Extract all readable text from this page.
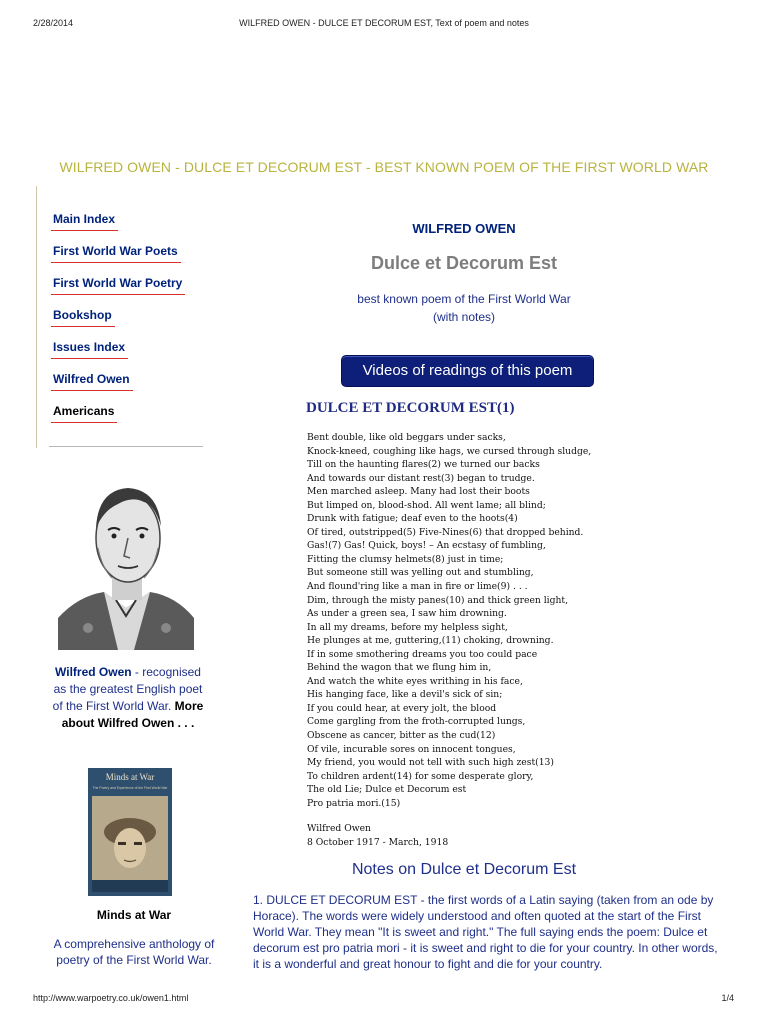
2/28/2014	WILFRED OWEN - DULCE ET DECORUM EST, Text of poem and notes
WILFRED OWEN - DULCE ET DECORUM EST - BEST KNOWN POEM OF THE FIRST WORLD WAR
Main Index
First World War Poets
First World War Poetry
Bookshop
Issues Index
Wilfred Owen
Americans
Wilfred Owen - recognised as the greatest English poet of the First World War. More about Wilfred Owen . . .
Minds at War
The Poetry and Experience of the First World War
Minds at War
A comprehensive anthology of poetry of the First World War.
WILFRED OWEN
Dulce et Decorum Est
best known poem of the First World War
(with notes)
Videos of readings of this poem
DULCE ET DECORUM EST(1)
Bent double, like old beggars under sacks,
Knock-kneed, coughing like hags, we cursed through sludge,
Till on the haunting flares(2) we turned our backs
And towards our distant rest(3) began to trudge.
Men marched asleep. Many had lost their boots
But limped on, blood-shod. All went lame; all blind;
Drunk with fatigue; deaf even to the hoots(4)
Of tired, outstripped(5) Five-Nines(6) that dropped behind.
Gas!(7) Gas! Quick, boys! – An ecstasy of fumbling,
Fitting the clumsy helmets(8) just in time;
But someone still was yelling out and stumbling,
And flound'ring like a man in fire or lime(9) . . .
Dim, through the misty panes(10) and thick green light,
As under a green sea, I saw him drowning.
In all my dreams, before my helpless sight,
He plunges at me, guttering,(11) choking, drowning.
If in some smothering dreams you too could pace
Behind the wagon that we flung him in,
And watch the white eyes writhing in his face,
His hanging face, like a devil's sick of sin;
If you could hear, at every jolt, the blood
Come gargling from the froth-corrupted lungs,
Obscene as cancer, bitter as the cud(12)
Of vile, incurable sores on innocent tongues,
My friend, you would not tell with such high zest(13)
To children ardent(14) for some desperate glory,
The old Lie; Dulce et Decorum est
Pro patria mori.(15)
Wilfred Owen
8 October 1917 - March, 1918
Notes on Dulce et Decorum Est
1. DULCE ET DECORUM EST - the first words of a Latin saying (taken from an ode by Horace). The words were widely understood and often quoted at the start of the First World War. They mean "It is sweet and right." The full saying ends the poem: Dulce et decorum est pro patria mori - it is sweet and right to die for your country. In other words, it is a wonderful and great honour to fight and die for your country.
http://www.warpoetry.co.uk/owen1.html	1/4
